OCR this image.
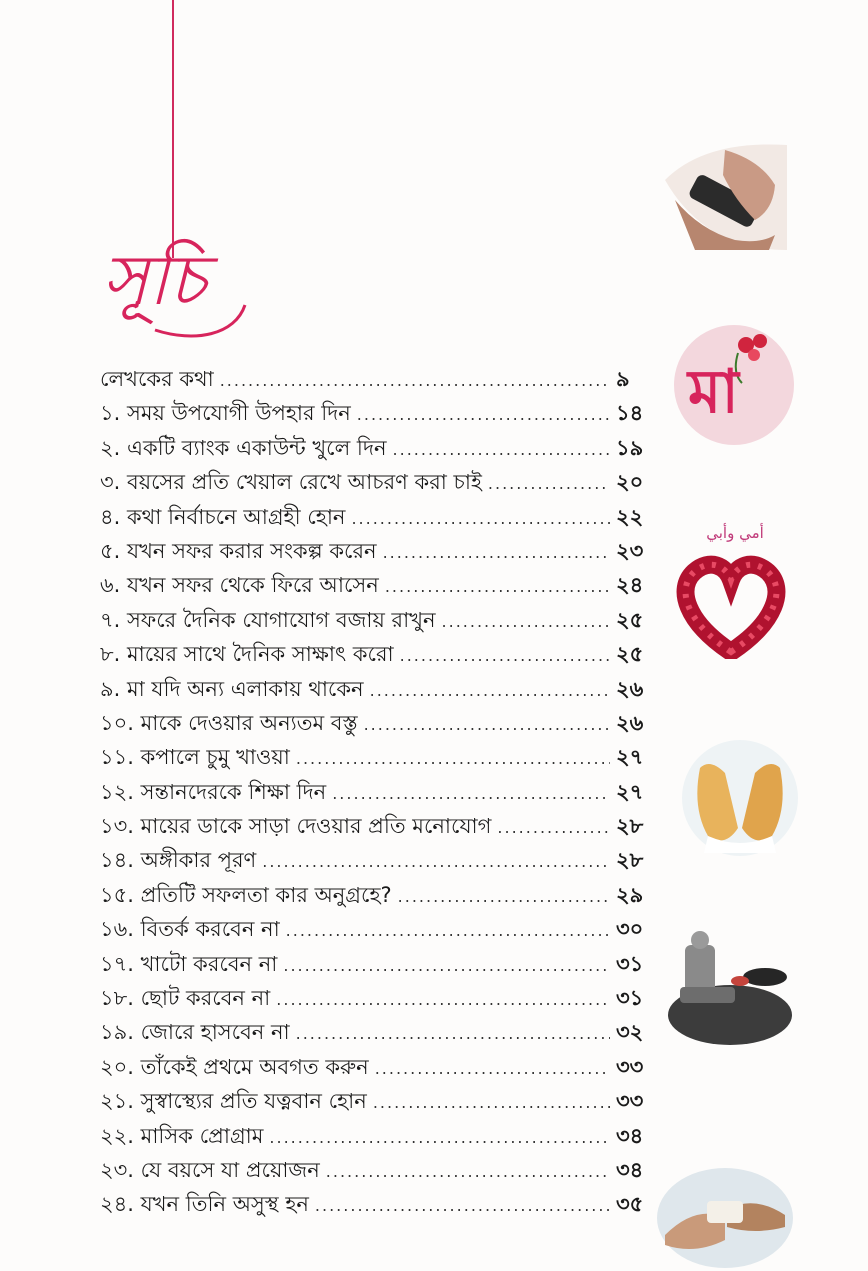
সূচি
লেখকের কথা .....	৯
১. সময় উপযোগী উপহার দিন .....	১৪
২. একটি ব্যাংক একাউন্ট খুলে দিন .....	১৯
৩. বয়সের প্রতি খেয়াল রেখে আচরণ করা চাই .....	২০
৪. কথা নির্বাচনে আগ্রহী হোন .....	২২
৫. যখন সফর করার সংকল্প করেন .....	২৩
৬. যখন সফর থেকে ফিরে আসেন .....	২৪
৭. সফরে দৈনিক যোগাযোগ বজায় রাখুন .....	২৫
৮. মায়ের সাথে দৈনিক সাক্ষাৎ করো .....	২৫
৯. মা যদি অন্য এলাকায় থাকেন .....	২৬
১০. মাকে দেওয়ার অন্যতম বস্তু .....	২৬
১১. কপালে চুমু খাওয়া .....	২৭
১২. সন্তানদেরকে শিক্ষা দিন .....	২৭
১৩. মায়ের ডাকে সাড়া দেওয়ার প্রতি মনোযোগ .....	২৮
১৪. অঙ্গীকার পূরণ .....	২৮
১৫. প্রতিটি সফলতা কার অনুগ্রহে? .....	২৯
১৬. বিতর্ক করবেন না .....	৩০
১৭. খাটো করবেন না .....	৩১
১৮. ছোট করবেন না .....	৩১
১৯. জোরে হাসবেন না .....	৩২
২০. তাঁকেই প্রথমে অবগত করুন .....	৩৩
২১. সুস্বাস্থ্যের প্রতি যত্নবান হোন .....	৩৩
২২. মাসিক প্রোগ্রাম .....	৩৪
২৩. যে বয়সে যা প্রয়োজন .....	৩৪
২৪. যখন তিনি অসুস্থ হন .....	৩৫
মা
أمي وأبي
